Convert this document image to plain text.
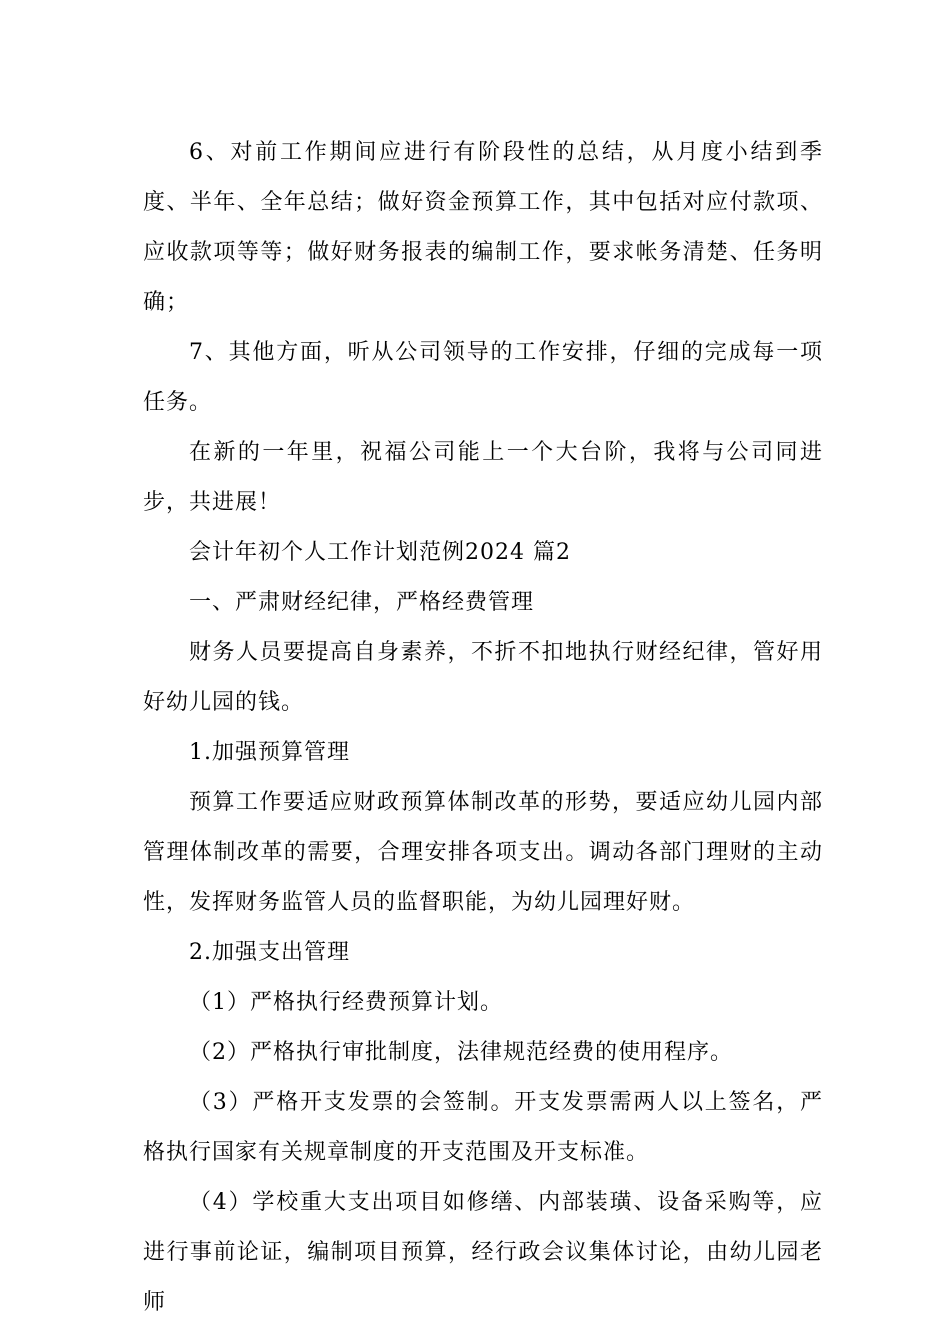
6、对前工作期间应进行有阶段性的总结，从月度小结到季度、半年、全年总结；做好资金预算工作，其中包括对应付款项、应收款项等等；做好财务报表的编制工作，要求帐务清楚、任务明确；

7、其他方面，听从公司领导的工作安排，仔细的完成每一项任务。

在新的一年里，祝福公司能上一个大台阶，我将与公司同进步，共进展！

会计年初个人工作计划范例2024 篇2

一、严肃财经纪律，严格经费管理

财务人员要提高自身素养，不折不扣地执行财经纪律，管好用好幼儿园的钱。

1.加强预算管理

预算工作要适应财政预算体制改革的形势，要适应幼儿园内部管理体制改革的需要，合理安排各项支出。调动各部门理财的主动性，发挥财务监管人员的监督职能，为幼儿园理好财。

2.加强支出管理

（1）严格执行经费预算计划。

（2）严格执行审批制度，法律规范经费的使用程序。

（3）严格开支发票的会签制。开支发票需两人以上签名，严格执行国家有关规章制度的开支范围及开支标准。

（4）学校重大支出项目如修缮、内部装璜、设备采购等，应进行事前论证，编制项目预算，经行政会议集体讨论，由幼儿园老师
